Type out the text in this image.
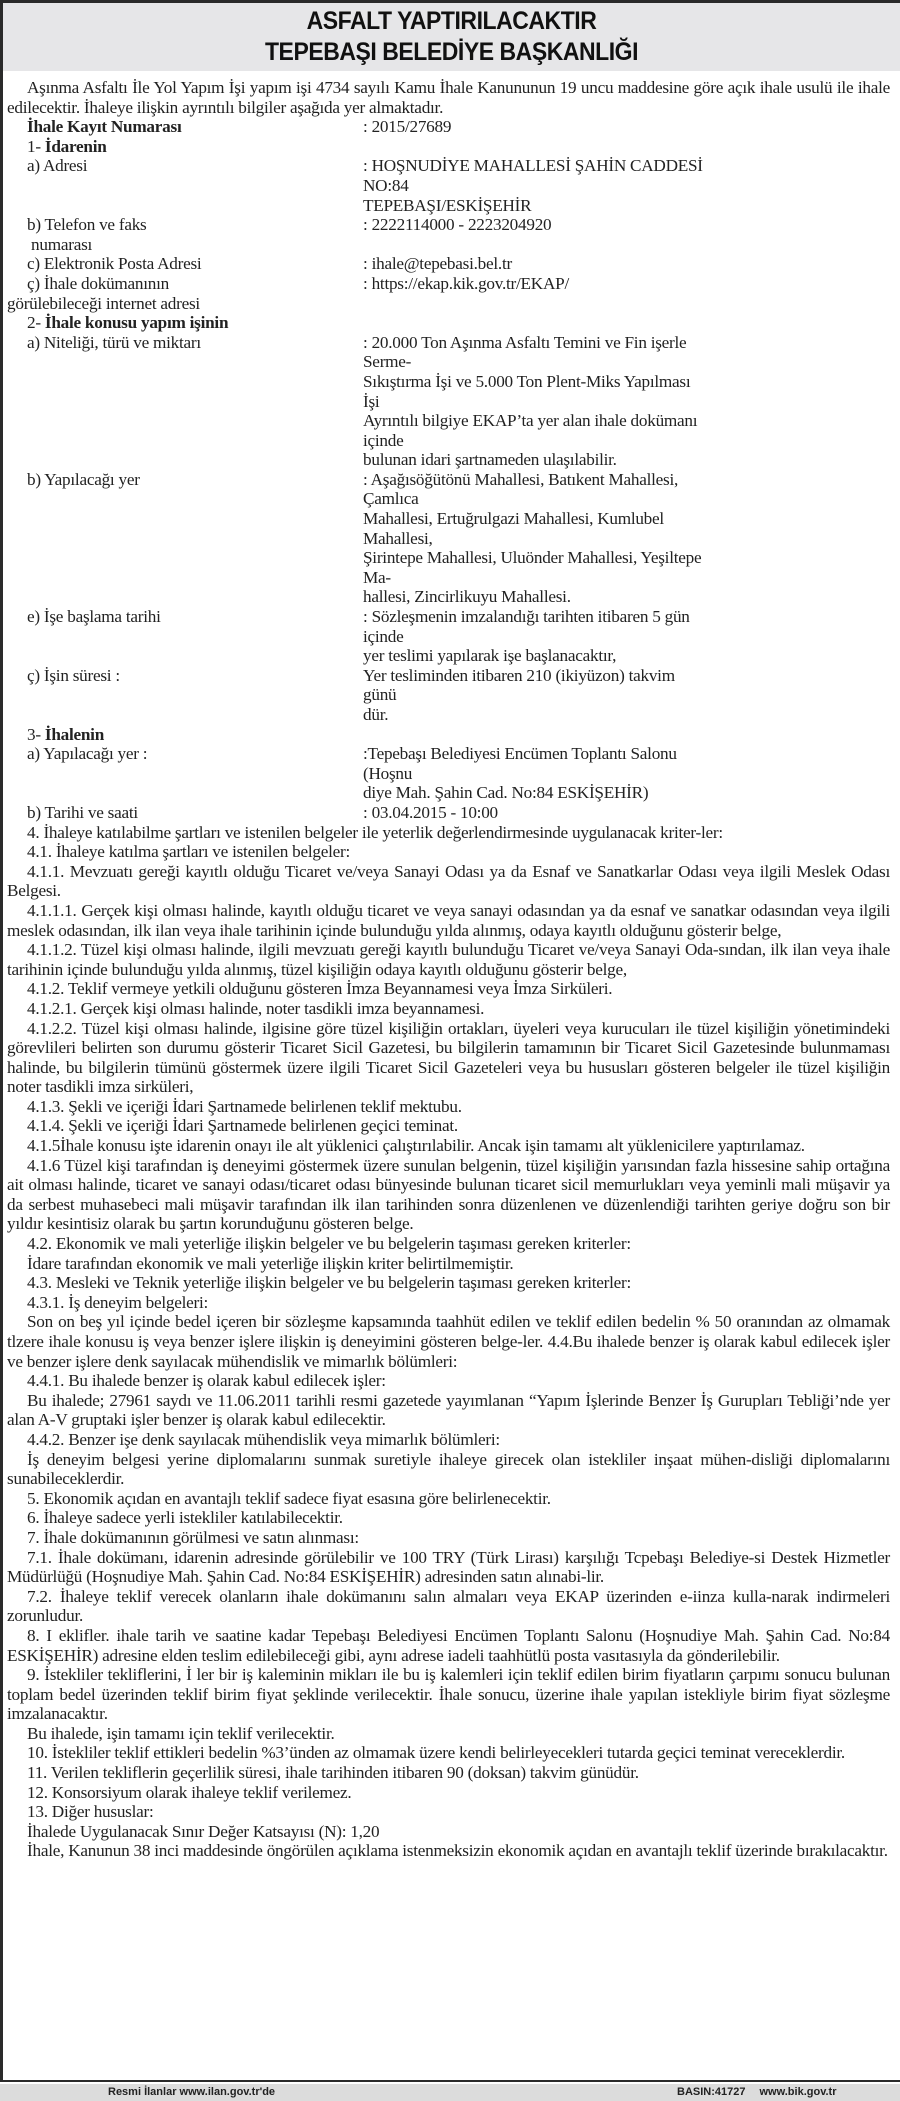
ASFALT YAPTIRILACAKTIR
TEPEBAŞI BELEDİYE BAŞKANLIĞI

Aşınma Asfaltı İle Yol Yapım İşi yapım işi 4734 sayılı Kamu İhale Kanununun 19 uncu maddesine göre açık ihale usulü ile ihale edilecektir. İhaleye ilişkin ayrıntılı bilgiler aşağıda yer almaktadır.

İhale Kayıt Numarası	: 2015/27689
1- İdarenin
a) Adresi	: HOŞNUDİYE MAHALLESİ ŞAHİN CADDESİ NO:84
TEPEBAŞI/ESKİŞEHİR
b) Telefon ve faks
numarası
: 2222114000 - 2223204920
c) Elektronik Posta Adresi	: ihale@tepebasi.bel.tr
ç) İhale dokümanının
görülebileceği internet adresi
: https://ekap.kik.gov.tr/EKAP/
2- İhale konusu yapım işinin
a) Niteliği, türü ve miktarı	: 20.000 Ton Aşınma Asfaltı Temini ve Fin işerle Serme-
Sıkıştırma İşi ve 5.000 Ton Plent-Miks Yapılması İşi
Ayrıntılı bilgiye EKAP’ta yer alan ihale dokümanı içinde
bulunan idari şartnameden ulaşılabilir.
b) Yapılacağı yer	: Aşağısöğütönü Mahallesi, Batıkent Mahallesi, Çamlıca
Mahallesi, Ertuğrulgazi Mahallesi, Kumlubel Mahallesi,
Şirintepe Mahallesi, Uluönder Mahallesi, Yeşiltepe Ma-
hallesi, Zincirlikuyu Mahallesi.
e) İşe başlama tarihi	: Sözleşmenin imzalandığı tarihten itibaren 5 gün içinde
yer teslimi yapılarak işe başlanacaktır,
ç) İşin süresi :	Yer tesliminden itibaren 210 (ikiyüzon) takvim günü
dür.
3- İhalenin
a) Yapılacağı yer :	:Tepebaşı Belediyesi Encümen Toplantı Salonu (Hoşnu
diye Mah. Şahin Cad. No:84 ESKİŞEHİR)
b) Tarihi ve saati	: 03.04.2015 - 10:00

4. İhaleye katılabilme şartları ve istenilen belgeler ile yeterlik değerlendirmesinde uygulanacak kriter-ler:

4.1. İhaleye katılma şartları ve istenilen belgeler:

4.1.1. Mevzuatı gereği kayıtlı olduğu Ticaret ve/veya Sanayi Odası ya da Esnaf ve Sanatkarlar Odası veya ilgili Meslek Odası Belgesi.

4.1.1.1. Gerçek kişi olması halinde, kayıtlı olduğu ticaret ve veya sanayi odasından ya da esnaf ve sanatkar odasından veya ilgili meslek odasından, ilk ilan veya ihale tarihinin içinde bulunduğu yılda alınmış, odaya kayıtlı olduğunu gösterir belge,

4.1.1.2. Tüzel kişi olması halinde, ilgili mevzuatı gereği kayıtlı bulunduğu Ticaret ve/veya Sanayi Oda-sından, ilk ilan veya ihale tarihinin içinde bulunduğu yılda alınmış, tüzel kişiliğin odaya kayıtlı olduğunu gösterir belge,

4.1.2. Teklif vermeye yetkili olduğunu gösteren İmza Beyannamesi veya İmza Sirküleri.

4.1.2.1. Gerçek kişi olması halinde, noter tasdikli imza beyannamesi.

4.1.2.2. Tüzel kişi olması halinde, ilgisine göre tüzel kişiliğin ortakları, üyeleri veya kurucuları ile tüzel kişiliğin yönetimindeki görevlileri belirten son durumu gösterir Ticaret Sicil Gazetesi, bu bilgilerin tamamının bir Ticaret Sicil Gazetesinde bulunmaması halinde, bu bilgilerin tümünü göstermek üzere ilgili Ticaret Sicil Gazeteleri veya bu hususları gösteren belgeler ile tüzel kişiliğin noter tasdikli imza sirküleri,

4.1.3. Şekli ve içeriği İdari Şartnamede belirlenen teklif mektubu.

4.1.4. Şekli ve içeriği İdari Şartnamede belirlenen geçici teminat.

4.1.5İhale konusu işte idarenin onayı ile alt yüklenici çalıştırılabilir. Ancak işin tamamı alt yüklenicilere yaptırılamaz.

4.1.6 Tüzel kişi tarafından iş deneyimi göstermek üzere sunulan belgenin, tüzel kişiliğin yarısından fazla hissesine sahip ortağına ait olması halinde, ticaret ve sanayi odası/ticaret odası bünyesinde bulunan ticaret sicil memurlukları veya yeminli mali müşavir ya da serbest muhasebeci mali müşavir tarafından ilk ilan tarihinden sonra düzenlenen ve düzenlendiği tarihten geriye doğru son bir yıldır kesintisiz olarak bu şartın korunduğunu gösteren belge.

4.2. Ekonomik ve mali yeterliğe ilişkin belgeler ve bu belgelerin taşıması gereken kriterler:

İdare tarafından ekonomik ve mali yeterliğe ilişkin kriter belirtilmemiştir.

4.3. Mesleki ve Teknik yeterliğe ilişkin belgeler ve bu belgelerin taşıması gereken kriterler:

4.3.1. İş deneyim belgeleri:

Son on beş yıl içinde bedel içeren bir sözleşme kapsamında taahhüt edilen ve teklif edilen bedelin % 50 oranından az olmamak tlzere ihale konusu iş veya benzer işlere ilişkin iş deneyimini gösteren belge-ler. 4.4.Bu ihalede benzer iş olarak kabul edilecek işler ve benzer işlere denk sayılacak mühendislik ve mimarlık bölümleri:

4.4.1. Bu ihalede benzer iş olarak kabul edilecek işler:

Bu ihalede; 27961 saydı ve 11.06.2011 tarihli resmi gazetede yayımlanan “Yapım İşlerinde Benzer İş Gurupları Tebliği’nde yer alan A-V gruptaki işler benzer iş olarak kabul edilecektir.

4.4.2. Benzer işe denk sayılacak mühendislik veya mimarlık bölümleri:

İş deneyim belgesi yerine diplomalarını sunmak suretiyle ihaleye girecek olan istekliler inşaat mühen-disliği diplomalarını sunabileceklerdir.

5. Ekonomik açıdan en avantajlı teklif sadece fiyat esasına göre belirlenecektir.

6. İhaleye sadece yerli istekliler katılabilecektir.

7. İhale dokümanının görülmesi ve satın alınması:

7.1. İhale dokümanı, idarenin adresinde görülebilir ve 100 TRY (Türk Lirası) karşılığı Tcpebaşı Belediye-si Destek Hizmetler Müdürlüğü (Hoşnudiye Mah. Şahin Cad. No:84 ESKİŞEHİR) adresinden satın alınabi-lir.

7.2. İhaleye teklif verecek olanların ihale dokümanını salın almaları veya EKAP üzerinden e-iinza kulla-narak indirmeleri zorunludur.

8. I eklifler. ihale tarih ve saatine kadar Tepebaşı Belediyesi Encümen Toplantı Salonu (Hoşnudiye Mah. Şahin Cad. No:84 ESKİŞEHİR) adresine elden teslim edilebileceği gibi, aynı adrese iadeli taahhütlü posta vasıtasıyla da gönderilebilir.

9. İstekliler tekliflerini, İ ler bir iş kaleminin mikları ile bu iş kalemleri için teklif edilen birim fiyatların çarpımı sonucu bulunan toplam bedel üzerinden teklif birim fiyat şeklinde verilecektir. İhale sonucu, üzerine ihale yapılan istekliyle birim fiyat sözleşme imzalanacaktır.

Bu ihalede, işin tamamı için teklif verilecektir.

10. İstekliler teklif ettikleri bedelin %3’ünden az olmamak üzere kendi belirleyecekleri tutarda geçici teminat vereceklerdir.

11. Verilen tekliflerin geçerlilik süresi, ihale tarihinden itibaren 90 (doksan) takvim günüdür.

12. Konsorsiyum olarak ihaleye teklif verilemez.

13. Diğer hususlar:

İhalede Uygulanacak Sınır Değer Katsayısı (N): 1,20

İhale, Kanunun 38 inci maddesinde öngörülen açıklama istenmeksizin ekonomik açıdan en avantajlı teklif üzerinde bırakılacaktır.

Resmi İlanlar www.ilan.gov.tr'de	BASIN:41727 www.bik.gov.tr
